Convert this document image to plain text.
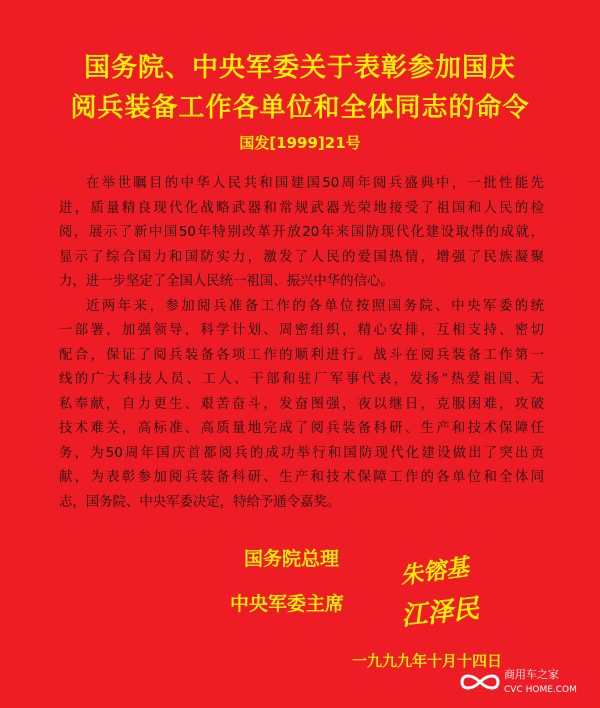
国务院、中央军委关于表彰参加国庆
阅兵装备工作各单位和全体同志的命令
国发[1999]21号
在举世瞩目的中华人民共和国建国50周年阅兵盛典中，一批性能先
进，质量精良现代化战略武器和常规武器光荣地接受了祖国和人民的检
阅，展示了新中国50年特别改革开放20年来国防现代化建设取得的成就，
显示了综合国力和国防实力，激发了人民的爱国热情，增强了民族凝聚
力，进一步坚定了全国人民统一祖国、振兴中华的信心。
近两年来，参加阅兵准备工作的各单位按照国务院、中央军委的统
一部署，加强领导，科学计划、周密组织，精心安排，互相支持、密切
配合，保证了阅兵装备各项工作的顺利进行。战斗在阅兵装备工作第一
线的广大科技人员、工人、干部和驻厂军事代表，发扬“热爱祖国、无
私奉献，自力更生、艰苦奋斗，发奋图强，夜以继日，克服困难，攻破
技术难关，高标准、高质量地完成了阅兵装备科研、生产和技术保障任
务，为50周年国庆首都阅兵的成功举行和国防现代化建设做出了突出贡
献，为表彰参加阅兵装备科研、生产和技术保障工作的各单位和全体同
志，国务院、中央军委决定，特给予通令嘉奖。
国务院总理
中央军委主席
朱镕基
江泽民
一九九九年十月十四日
商用车之家
CVC HOME.COM
